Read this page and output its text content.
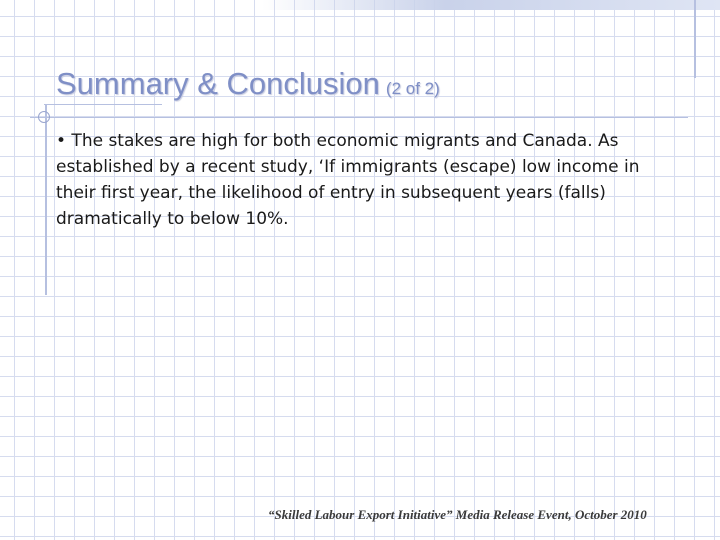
Summary & Conclusion (2 of 2)
• The stakes are high for both economic migrants and Canada. As established by a recent study, ‘If immigrants (escape) low income in their first year, the likelihood of entry in subsequent years (falls) dramatically to below 10%.
“Skilled Labour Export Initiative” Media Release Event, October 2010
